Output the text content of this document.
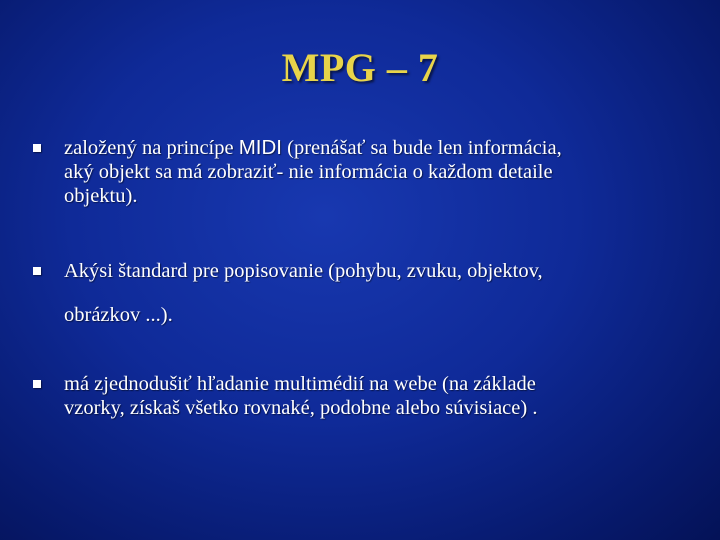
MPG – 7
založený na princípe MIDI (prenášať sa bude len informácia,
aký objekt sa má zobraziť- nie informácia o každom detaile
objektu).
Akýsi štandard pre popisovanie (pohybu, zvuku, objektov,
obrázkov ...).
má zjednodušiť hľadanie multimédií na webe (na základe
vzorky, získaš všetko rovnaké, podobne alebo súvisiace) .
